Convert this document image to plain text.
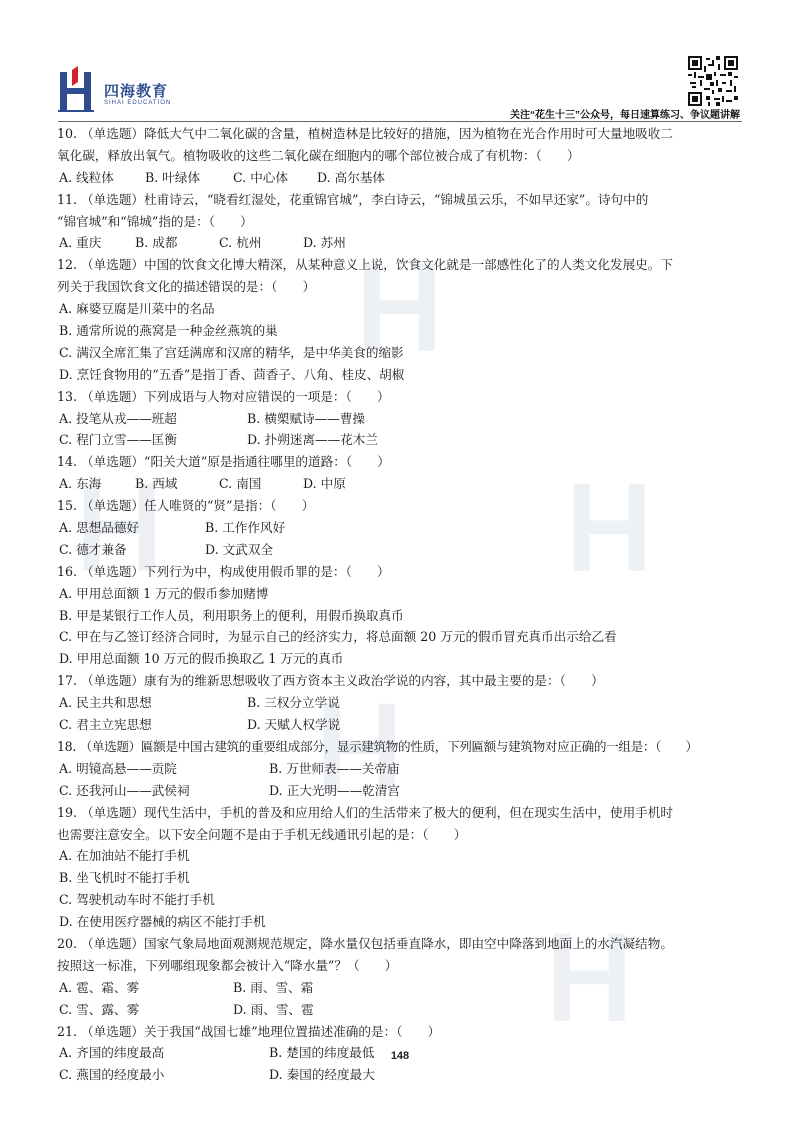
四海教育
SIHAI EDUCATION
关注“花生十三”公众号，每日速算练习、争议题讲解
10. （单选题）降低大气中二氧化碳的含量，植树造林是比较好的措施，因为植物在光合作用时可大量地吸收二
氧化碳，释放出氧气。植物吸收的这些二氧化碳在细胞内的哪个部位被合成了有机物：（　　）
A. 线粒体 B. 叶绿体	C. 中心体 D. 高尔基体
11. （单选题）杜甫诗云，“晓看红湿处，花重锦官城”，李白诗云，“锦城虽云乐，不如早还家”。诗句中的
“锦官城”和“锦城”指的是：（　　）
A. 重庆	B. 成都	C. 杭州	D. 苏州
12. （单选题）中国的饮食文化博大精深，从某种意义上说，饮食文化就是一部感性化了的人类文化发展史。下
列关于我国饮食文化的描述错误的是：（　　）
A. 麻婆豆腐是川菜中的名品
B. 通常所说的燕窝是一种金丝燕筑的巢
C. 满汉全席汇集了宫廷满席和汉席的精华，是中华美食的缩影
D. 烹饪食物用的“五香”是指丁香、茴香子、八角、桂皮、胡椒
13. （单选题）下列成语与人物对应错误的一项是：（　　）
A. 投笔从戎——班超	B. 横槊赋诗——曹操
C. 程门立雪——匡衡	D. 扑朔迷离——花木兰
14. （单选题）“阳关大道”原是指通往哪里的道路：（　　）
A. 东海	B. 西域	C. 南国	D. 中原
15. （单选题）任人唯贤的“贤”是指：（　　）
A. 思想品德好	B. 工作作风好
C. 德才兼备	D. 文武双全
16. （单选题）下列行为中，构成使用假币罪的是：（　　）
A. 甲用总面额 1 万元的假币参加赌博
B. 甲是某银行工作人员，利用职务上的便利，用假币换取真币
C. 甲在与乙签订经济合同时，为显示自己的经济实力，将总面额 20 万元的假币冒充真币出示给乙看
D. 甲用总面额 10 万元的假币换取乙 1 万元的真币
17. （单选题）康有为的维新思想吸收了西方资本主义政治学说的内容，其中最主要的是：（　　）
A. 民主共和思想	B. 三权分立学说
C. 君主立宪思想	D. 天赋人权学说
18. （单选题）匾额是中国古建筑的重要组成部分，显示建筑物的性质，下列匾额与建筑物对应正确的一组是：（　　）
A. 明镜高悬——贡院	B. 万世师表——关帝庙
C. 还我河山——武侯祠	D. 正大光明——乾清宫
19. （单选题）现代生活中，手机的普及和应用给人们的生活带来了极大的便利，但在现实生活中，使用手机时
也需要注意安全。以下安全问题不是由于手机无线通讯引起的是：（　　）
A. 在加油站不能打手机
B. 坐飞机时不能打手机
C. 驾驶机动车时不能打手机
D. 在使用医疗器械的病区不能打手机
20. （单选题）国家气象局地面观测规范规定，降水量仅包括垂直降水，即由空中降落到地面上的水汽凝结物。
按照这一标准，下列哪组现象都会被计入“降水量”？（　　）
A. 雹、霜、雾	B. 雨、雪、霜
C. 雪、露、雾	D. 雨、雪、雹
21. （单选题）关于我国“战国七雄”地理位置描述准确的是：（　　）
A. 齐国的纬度最高	B. 楚国的纬度最低
C. 燕国的经度最小	D. 秦国的经度最大
148
